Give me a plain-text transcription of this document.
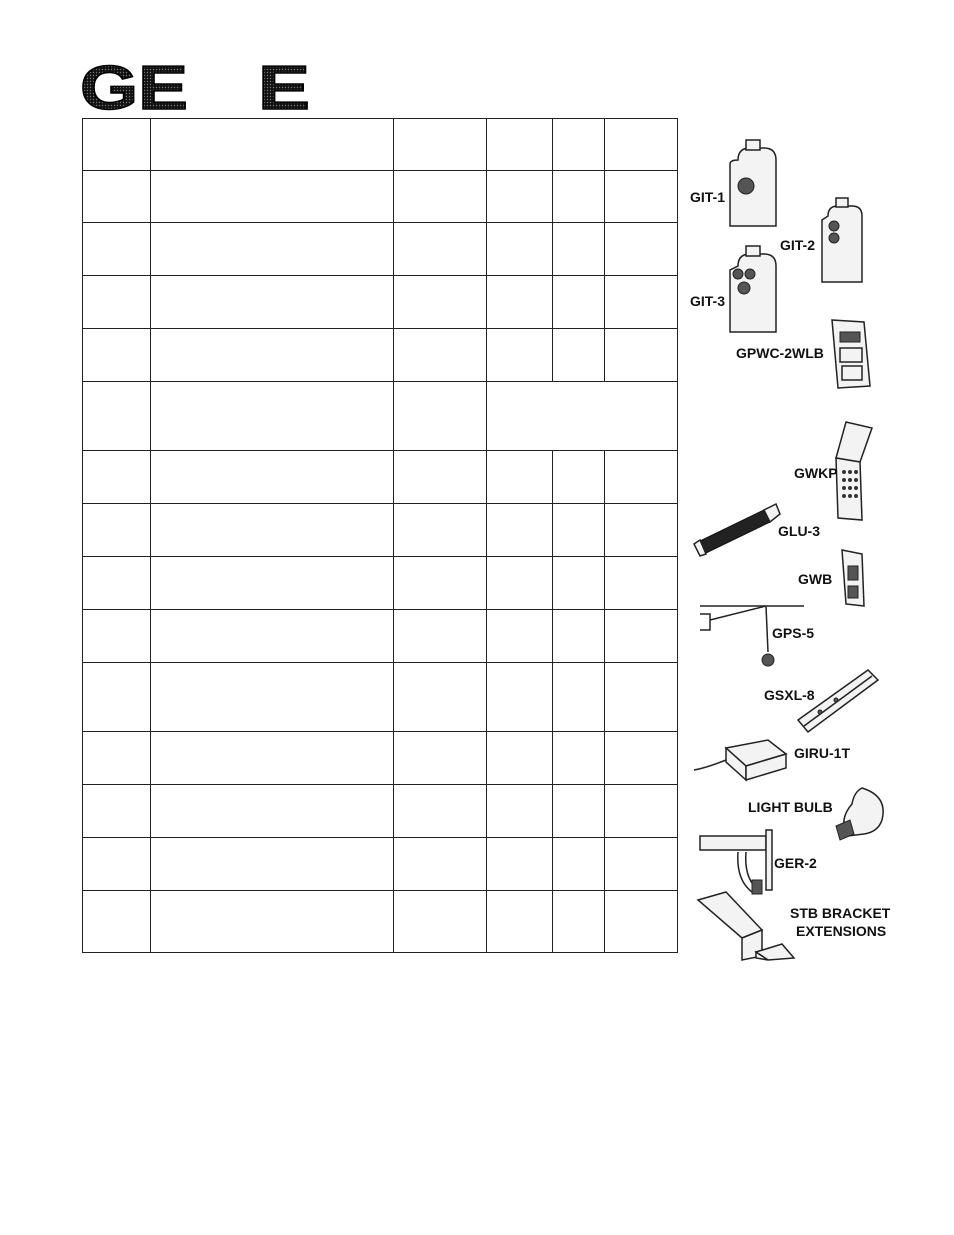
GE E

GIT-1
GIT-2
GIT-3
GPWC-2WLB
GWKP
GLU-3
GWB
GPS-5
GSXL-8
GIRU-1T
LIGHT BULB
GER-2
STB BRACKET
EXTENSIONS
